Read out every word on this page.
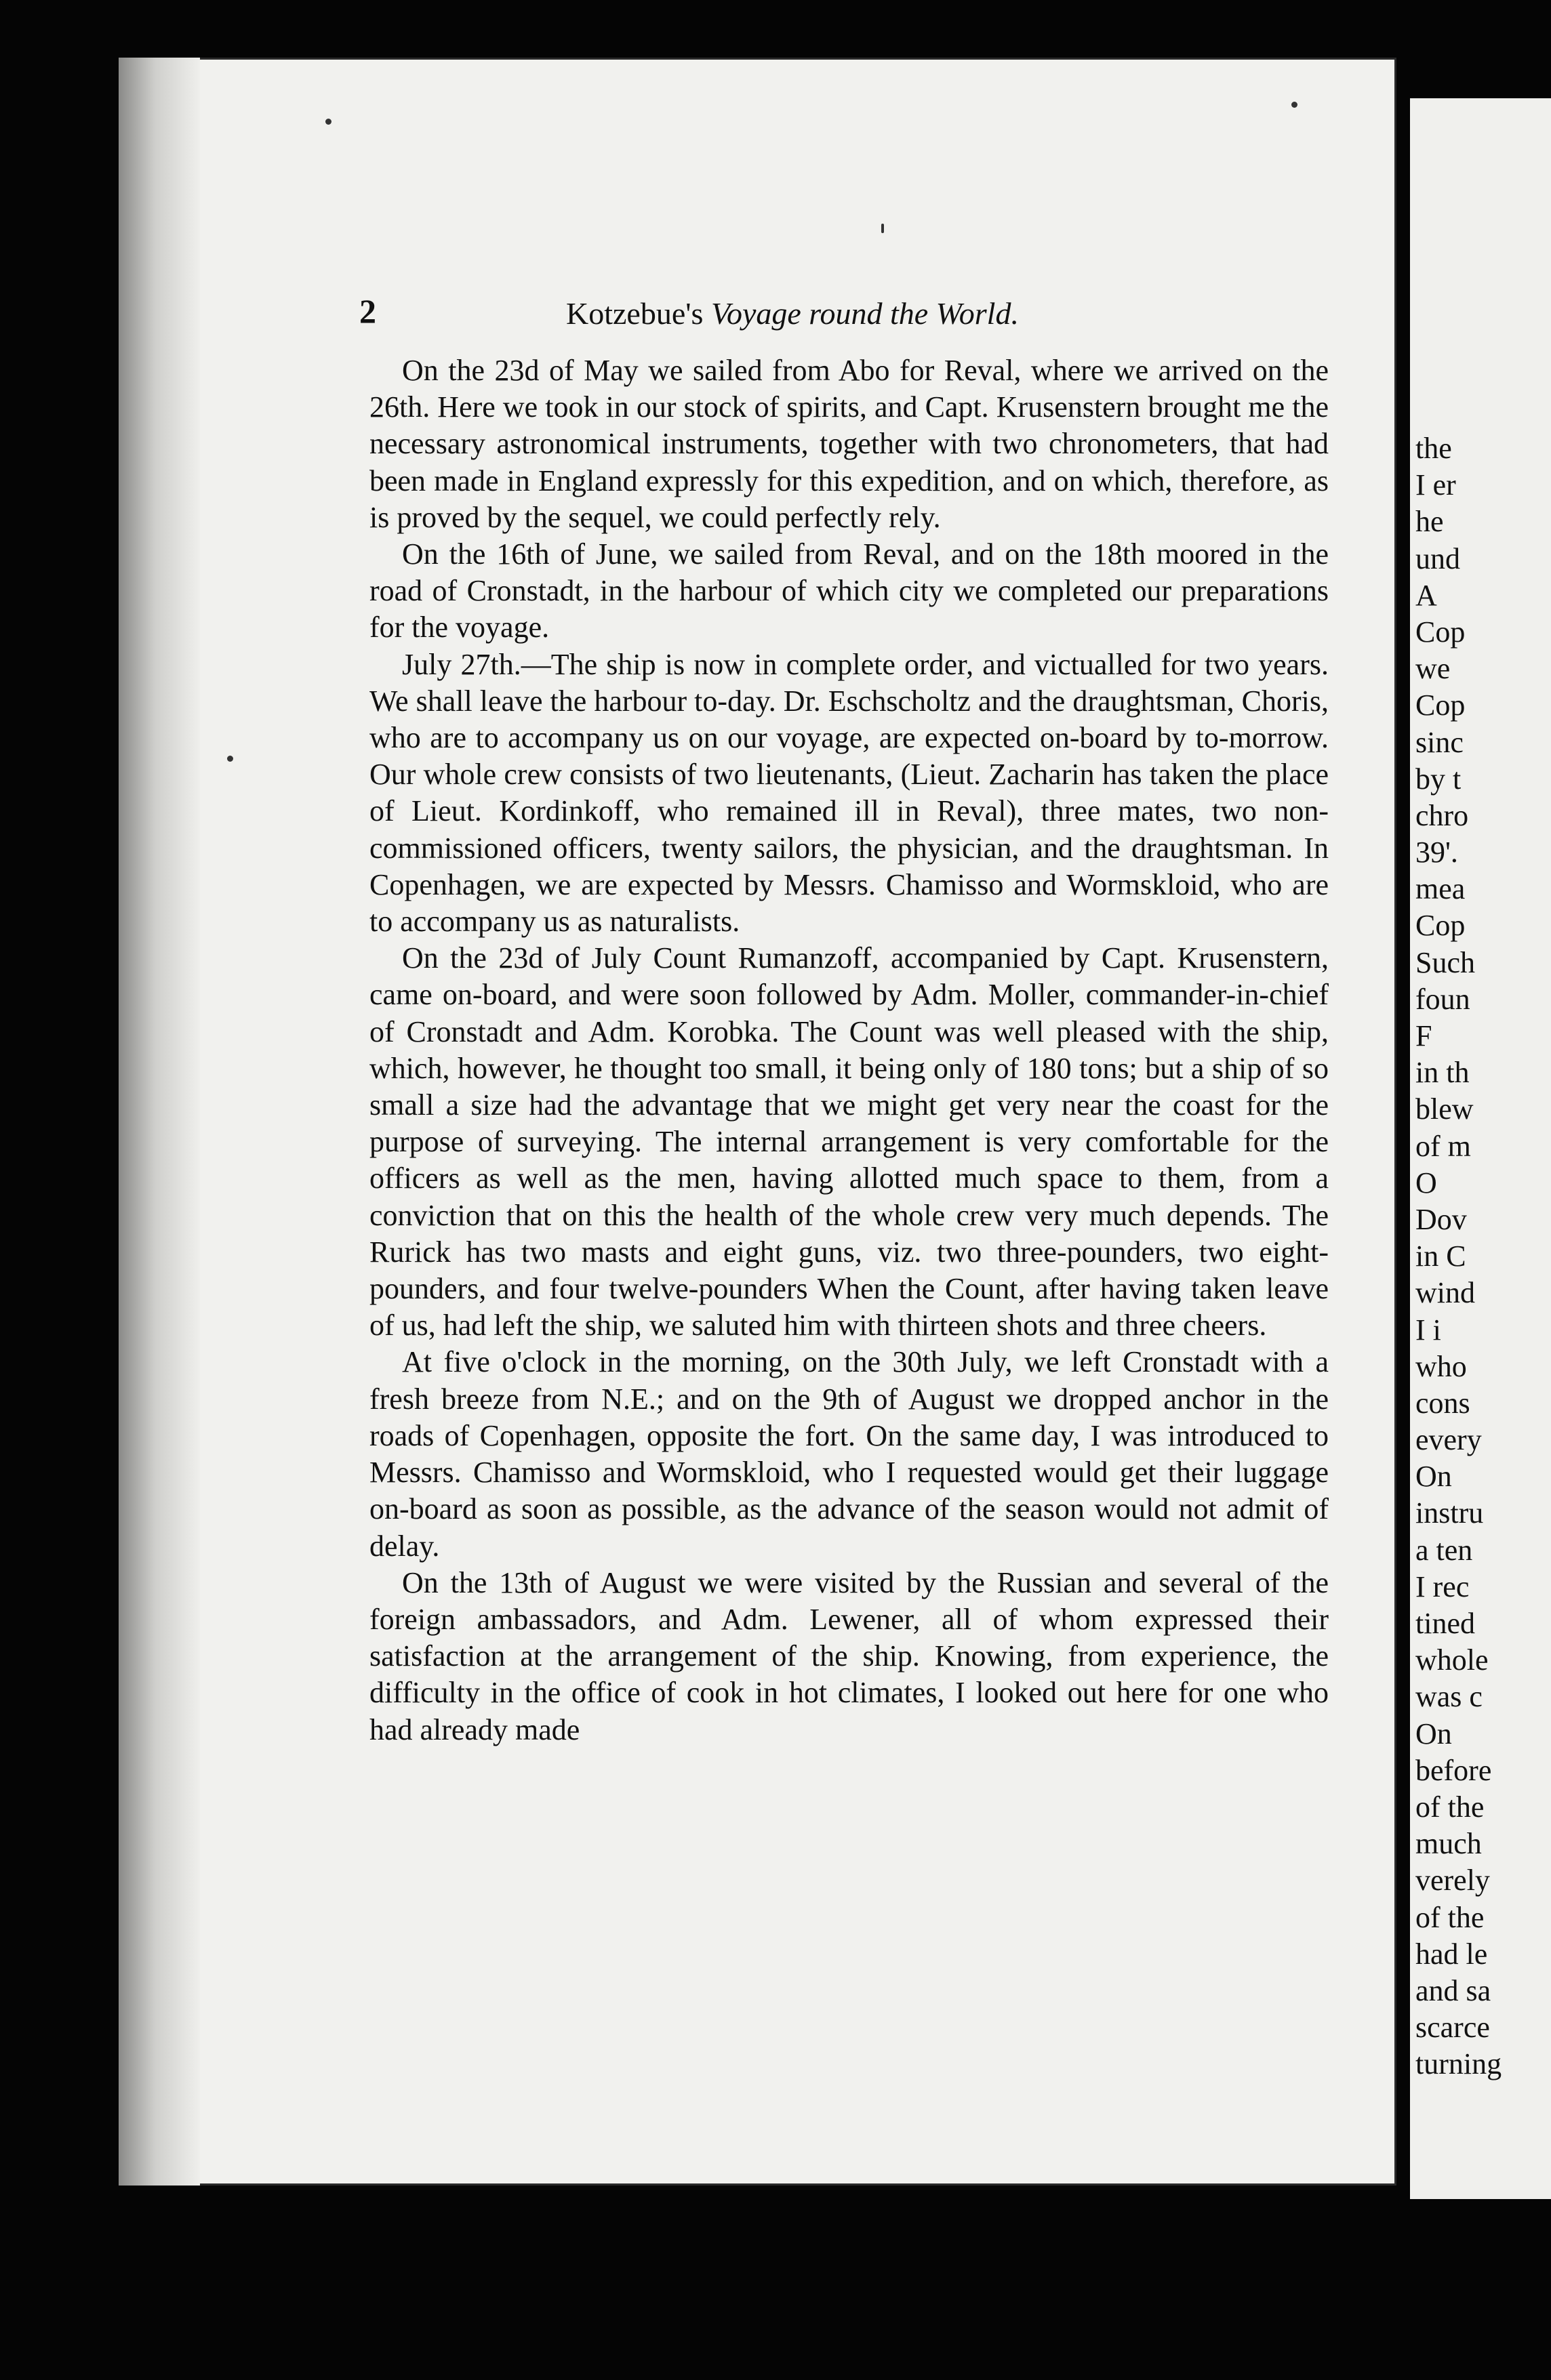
2	Kotzebue's Voyage round the World.

On the 23d of May we sailed from Abo for Reval, where we arrived on the 26th. Here we took in our stock of spirits, and Capt. Krusenstern brought me the necessary astronomical instruments, together with two chronometers, that had been made in England expressly for this expedition, and on which, therefore, as is proved by the sequel, we could perfectly rely.

On the 16th of June, we sailed from Reval, and on the 18th moored in the road of Cronstadt, in the harbour of which city we completed our preparations for the voyage.

July 27th.—The ship is now in complete order, and victualled for two years. We shall leave the harbour to-day. Dr. Eschscholtz and the draughtsman, Choris, who are to accompany us on our voyage, are expected on-board by to-morrow. Our whole crew consists of two lieutenants, (Lieut. Zacharin has taken the place of Lieut. Kordinkoff, who remained ill in Reval), three mates, two non-commissioned officers, twenty sailors, the physician, and the draughtsman. In Copenhagen, we are expected by Messrs. Chamisso and Wormskloid, who are to accompany us as naturalists.

On the 23d of July Count Rumanzoff, accompanied by Capt. Krusenstern, came on-board, and were soon followed by Adm. Moller, commander-in-chief of Cronstadt and Adm. Korobka. The Count was well pleased with the ship, which, however, he thought too small, it being only of 180 tons; but a ship of so small a size had the advantage that we might get very near the coast for the purpose of surveying. The internal arrangement is very comfortable for the officers as well as the men, having allotted much space to them, from a conviction that on this the health of the whole crew very much depends. The Rurick has two masts and eight guns, viz. two three-pounders, two eight-pounders, and four twelve-pounders When the Count, after having taken leave of us, had left the ship, we saluted him with thirteen shots and three cheers.

At five o'clock in the morning, on the 30th July, we left Cronstadt with a fresh breeze from N.E.; and on the 9th of August we dropped anchor in the roads of Copenhagen, opposite the fort. On the same day, I was introduced to Messrs. Chamisso and Wormskloid, who I requested would get their luggage on-board as soon as possible, as the advance of the season would not admit of delay.

On the 13th of August we were visited by the Russian and several of the foreign ambassadors, and Adm. Lewener, all of whom expressed their satisfaction at the arrangement of the ship. Knowing, from experience, the difficulty in the office of cook in hot climates, I looked out here for one who had already made

the
I er
he
und
A
Cop
we
Cop
sinc
by t
chro
39'.
mea
Cop
Such
foun
F
in th
blew
of m
O
Dov
in C
wind
I i
who
cons
every
On
instru
a ten
I rec
tined
whole
was c
On
before
of the
much
verely
of the
had le
and sa
scarce
turning
